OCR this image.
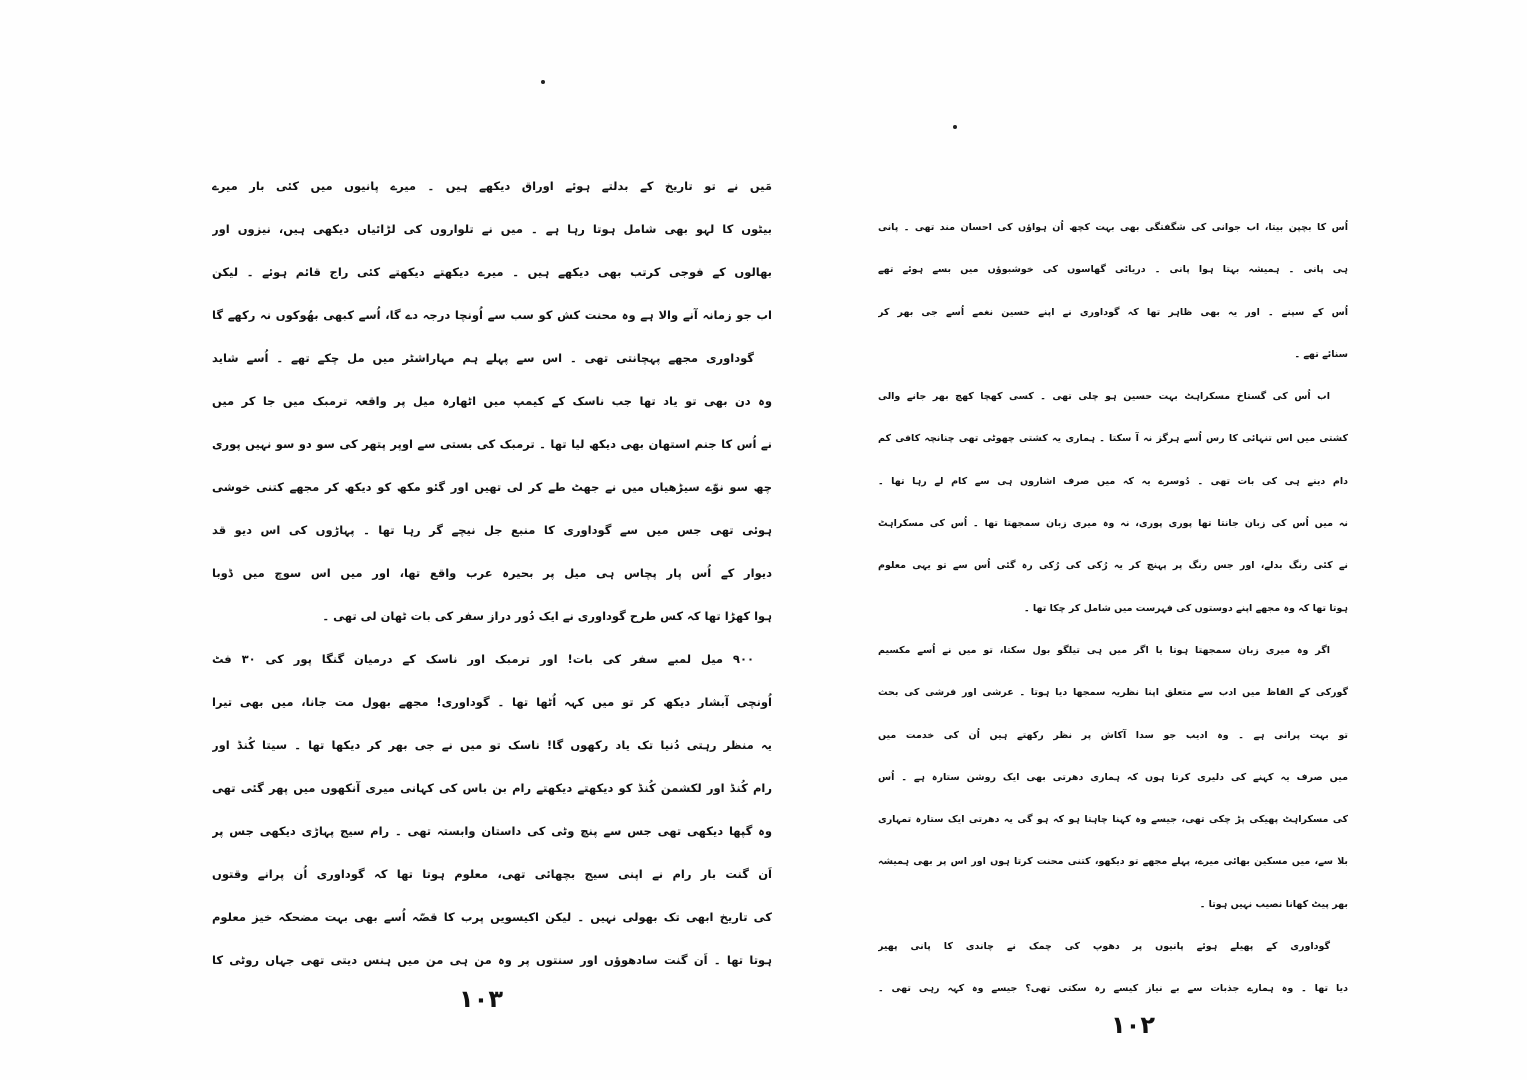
مَیں نے تو تاریخ کے بدلتے ہوئے اوراق دیکھے ہیں ۔ میرے پانیوں میں کئی بار میرے
بیٹوں کا لہو بھی شامل ہوتا رہا ہے ۔ میں نے تلواروں کی لڑائیاں دیکھی ہیں، نیزوں اور
بھالوں کے فوجی کرتب بھی دیکھے ہیں ۔ میرے دیکھتے دیکھتے کئی راج قائم ہوئے ۔ لیکن
اب جو زمانہ آنے والا ہے وہ محنت کش کو سب سے اُونچا درجہ دے گا، اُسے کبھی بھُوکوں نہ رکھے گا
گوداوری مجھے پہچانتی تھی ۔ اس سے پہلے ہم مہاراشٹر میں مل چکے تھے ۔ اُسے شاید
وہ دن بھی تو یاد تھا جب ناسک کے کیمپ میں اٹھارہ میل پر واقعہ ترمبک میں جا کر میں
نے اُس کا جنم استھان بھی دیکھ لیا تھا ۔ ترمبک کی بستی سے اوپر پتھر کی سو دو سو نہیں پوری
چھ سو نوّے سیڑھیاں میں نے جھٹ طے کر لی تھیں اور گئو مکھ کو دیکھ کر مجھے کتنی خوشی
ہوئی تھی جس میں سے گوداوری کا منبع جل نیچے گر رہا تھا ۔ پہاڑوں کی اس دیو قد
دیوار کے اُس پار پچاس ہی میل پر بحیرہ عرب واقع تھا، اور میں اس سوچ میں ڈوبا
ہوا کھڑا تھا کہ کس طرح گوداوری نے ایک دُور دراز سفر کی بات ٹھان لی تھی ۔
۹۰۰ میل لمبے سفر کی بات! اور ترمبک اور ناسک کے درمیان گنگا پور کی ۳۰ فٹ
اُونچی آبشار دیکھ کر تو میں کہہ اُٹھا تھا ۔ گوداوری! مجھے بھول مت جانا، میں بھی تیرا
یہ منظر رہتی دُنیا تک یاد رکھوں گا! ناسک تو میں نے جی بھر کر دیکھا تھا ۔ سیتا کُنڈ اور
رام کُنڈ اور لکشمن کُنڈ کو دیکھتے دیکھتے رام بن باس کی کہانی میری آنکھوں میں پھر گئی تھی
وہ گپھا دیکھی تھی جس سے پنچ وٹی کی داستان وابستہ تھی ۔ رام سیج پہاڑی دیکھی جس پر
اَن گنت بار رام نے اپنی سیج بچھائی تھی، معلوم ہوتا تھا کہ گوداوری اُن پرانے وقتوں
کی تاریخ ابھی تک بھولی نہیں ۔ لیکن اکیسویں پرب کا قصّہ اُسے بھی بہت مضحکہ خیز معلوم
ہوتا تھا ۔ اَن گنت سادھوؤں اور سنتوں پر وہ من ہی من میں ہنس دیتی تھی جہاں روٹی کا
۱۰۳
اُس کا بچپن بیتا، اب جوانی کی شگفتگی بھی بہت کچھ اُن ہواؤں کی احسان مند تھی ۔ پانی
ہی پانی ۔ ہمیشہ بہتا ہوا پانی ۔ دریائی گھاسوں کی خوشبوؤں میں بسے ہوئے تھے
اُس کے سپنے ۔ اور یہ بھی ظاہر تھا کہ گوداوری نے اپنے حسین نغمے اُسے جی بھر کر
سنائے تھے ۔
اب اُس کی گستاخ مسکراہٹ بہت حسین ہو چلی تھی ۔ کسی کھچا کھچ بھر جانے والی
کشتی میں اس تنہائی کا رس اُسے ہرگز نہ آ سکتا ۔ ہماری یہ کشتی چھوٹی تھی چنانچہ کافی کم
دام دینے ہی کی بات تھی ۔ دُوسرے یہ کہ میں صرف اشاروں ہی سے کام لے رہا تھا ۔
نہ میں اُس کی زبان جانتا تھا پوری پوری، نہ وہ میری زبان سمجھتا تھا ۔ اُس کی مسکراہٹ
نے کئی رنگ بدلے، اور جس رنگ پر پہنچ کر یہ رُکی کی رُکی رہ گئی اُس سے تو یہی معلوم
ہوتا تھا کہ وہ مجھے اپنے دوستوں کی فہرست میں شامل کر چکا تھا ۔
اگر وہ میری زبان سمجھتا ہوتا یا اگر میں ہی تیلگو بول سکتا، تو میں نے اُسے مکسیم
گورکی کے الفاظ میں ادب سے متعلق اپنا نظریہ سمجھا دیا ہوتا ۔ عرشی اور فرشی کی بحث
تو بہت پرانی ہے ۔ وہ ادیب جو سدا آکاش پر نظر رکھتے ہیں اُن کی خدمت میں
میں صرف یہ کہنے کی دلیری کرتا ہوں کہ ہماری دھرتی بھی ایک روشن ستارہ ہے ۔ اُس
کی مسکراہٹ پھیکی پڑ چکی تھی، جیسے وہ کہنا چاہتا ہو کہ ہو گی یہ دھرتی ایک ستارہ تمہاری
بلا سے، میں مسکین بھائی میرے، پہلے مجھے تو دیکھو، کتنی محنت کرتا ہوں اور اس پر بھی ہمیشہ
بھر پیٹ کھانا نصیب نہیں ہوتا ۔
گوداوری کے پھیلے ہوئے پانیوں پر دھوپ کی چمک نے چاندی کا پانی پھیر
دیا تھا ۔ وہ ہمارے جذبات سے بے نیاز کیسے رہ سکتی تھی؟ جیسے وہ کہہ رہی تھی ۔
۱۰۲
